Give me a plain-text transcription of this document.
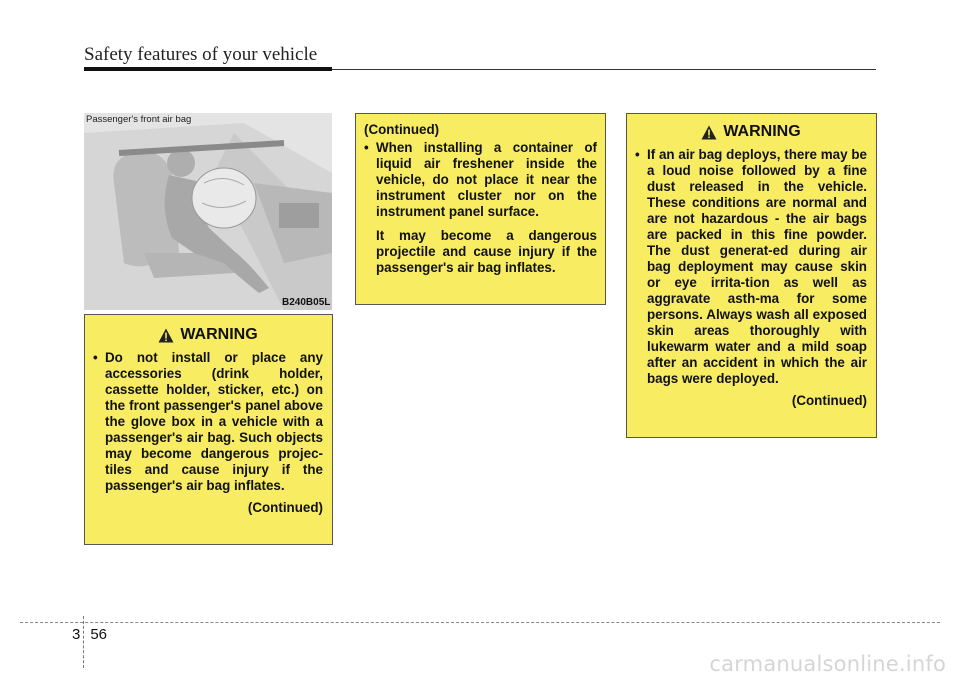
Safety features of your vehicle
Passenger's front air bag
B240B05L
WARNING
• Do not install or place any accessories (drink holder, cassette holder, sticker, etc.) on the front passenger's panel above the glove box in a vehicle with a passenger's air bag. Such objects may become dangerous projec-tiles and cause injury if the passenger's air bag inflates.
(Continued)
(Continued)
• When installing a container of liquid air freshener inside the vehicle, do not place it near the instrument cluster nor on the instrument panel surface.
It may become a dangerous projectile and cause injury if the passenger's air bag inflates.
WARNING
• If an air bag deploys, there may be a loud noise followed by a fine dust released in the vehicle. These conditions are normal and are not hazardous - the air bags are packed in this fine powder. The dust generat-ed during air bag deployment may cause skin or eye irrita-tion as well as aggravate asth-ma for some persons. Always wash all exposed skin areas thoroughly with lukewarm water and a mild soap after an accident in which the air bags were deployed.
(Continued)
3 56
carmanualsonline.info
